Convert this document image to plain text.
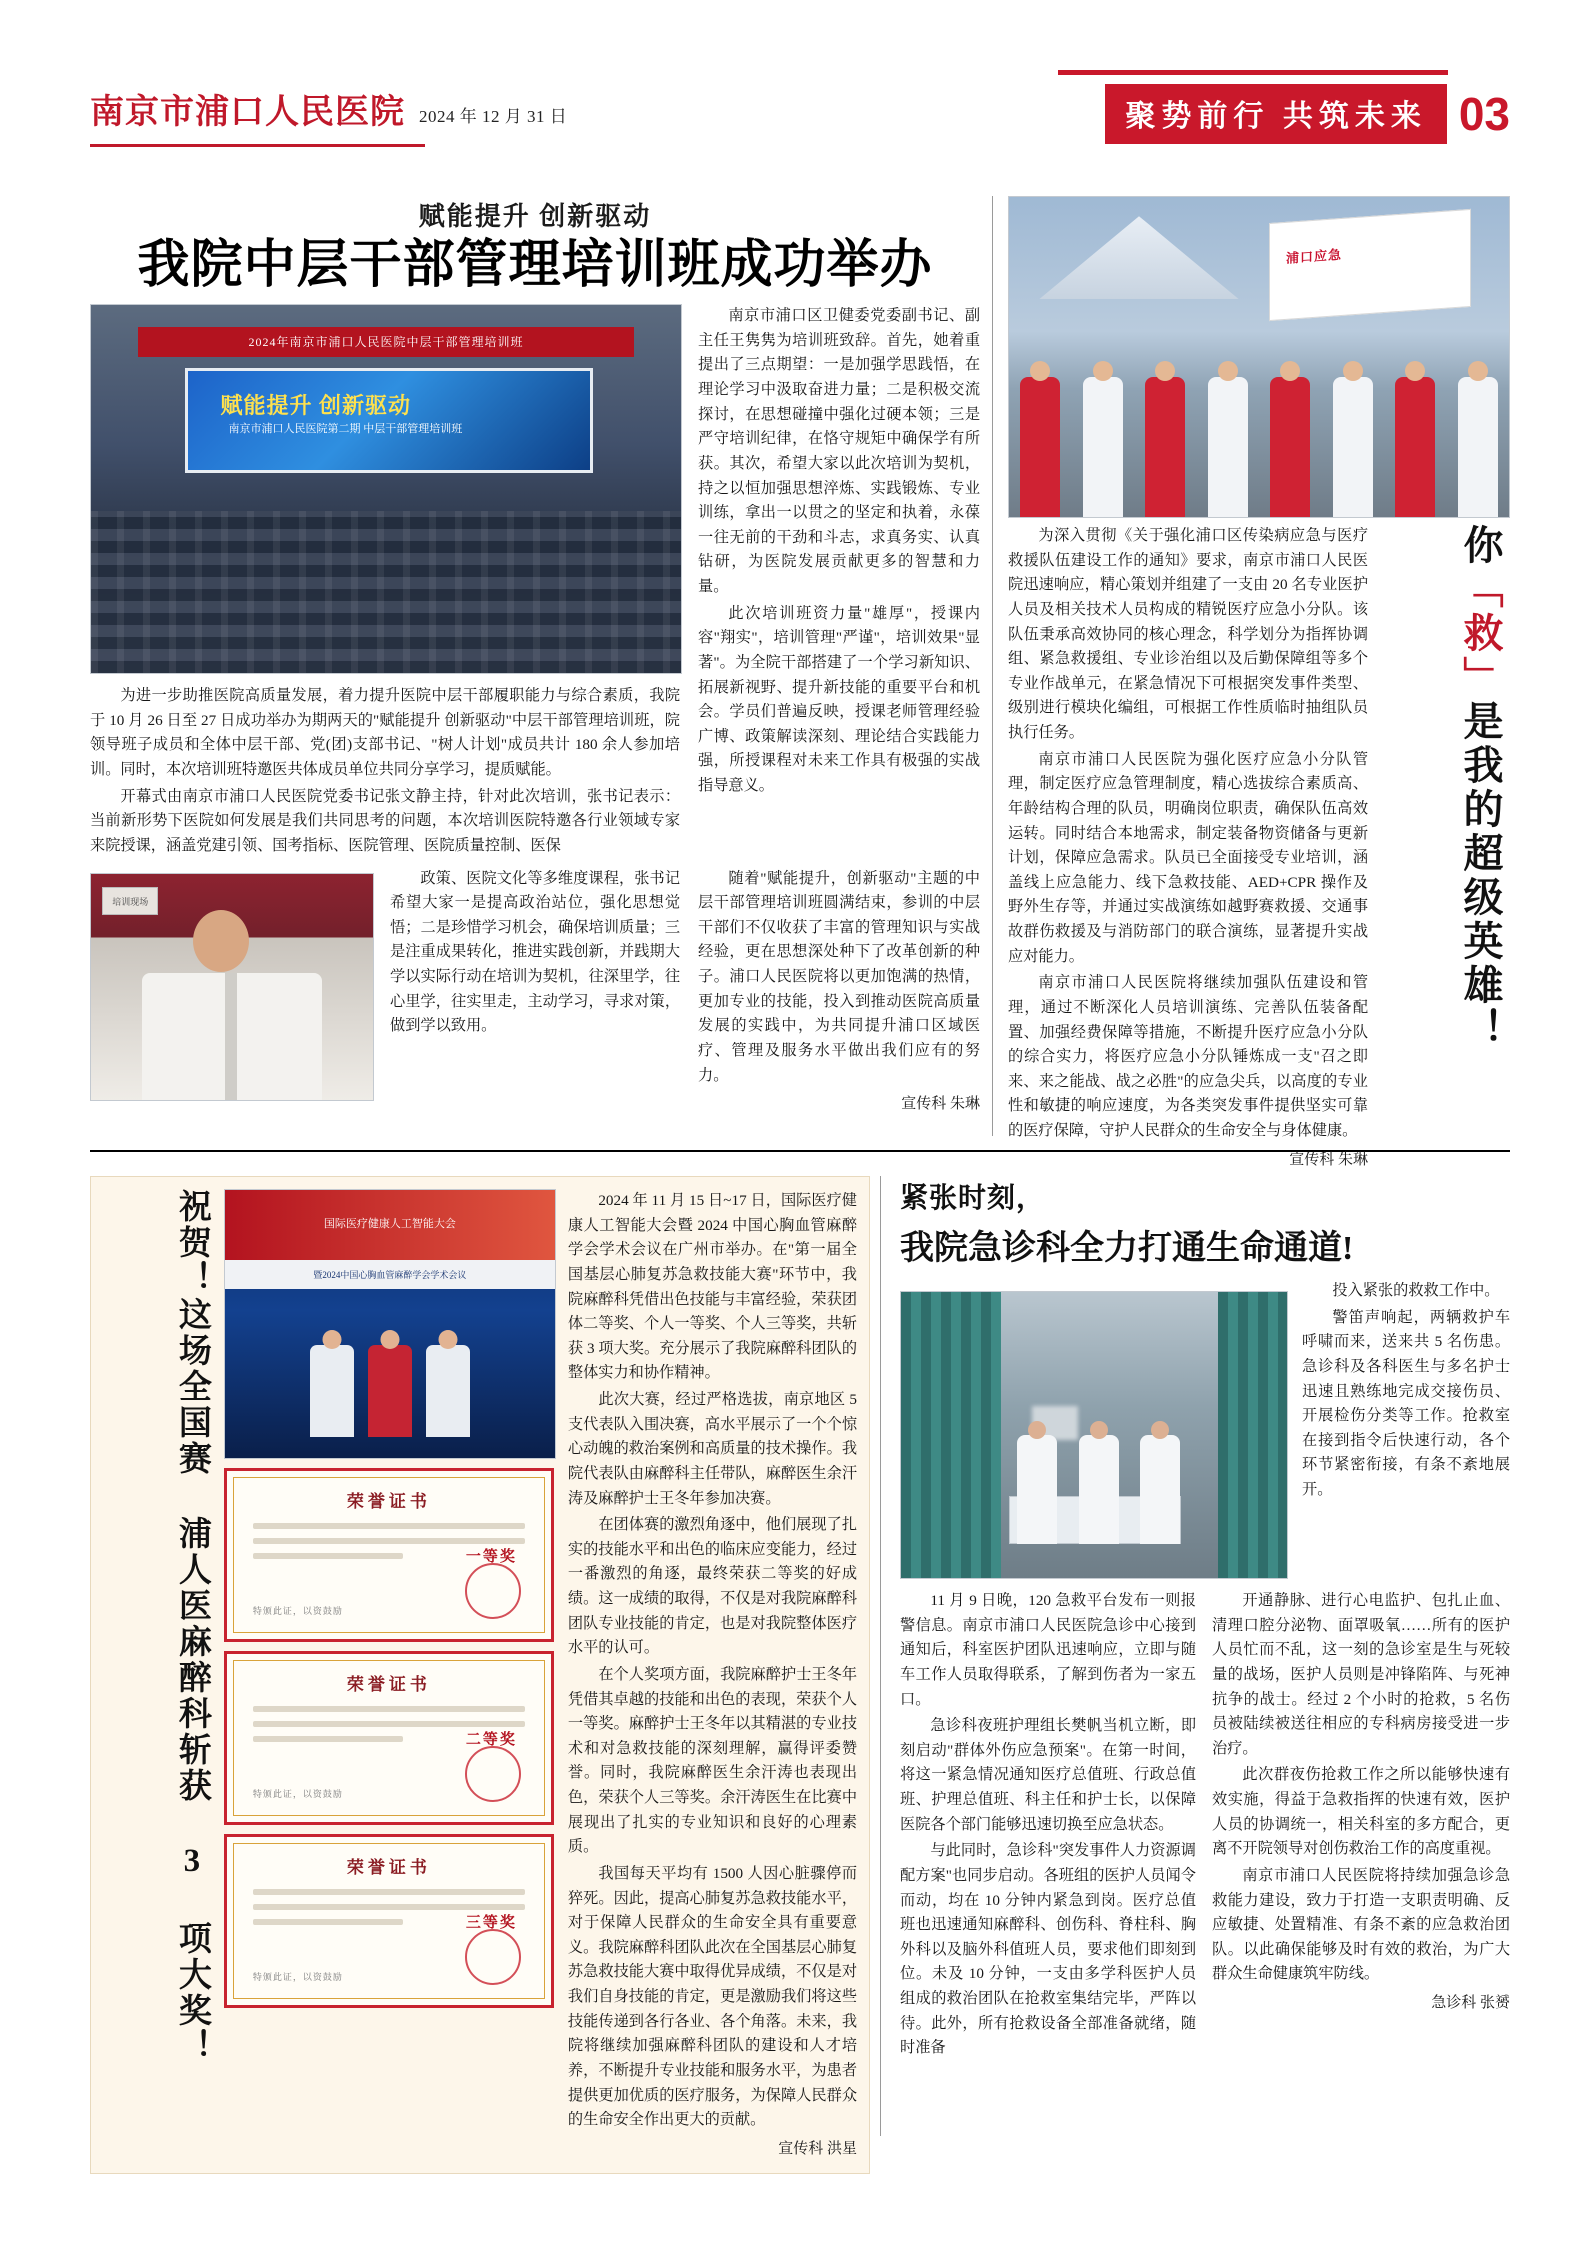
南京市浦口人民医院 2024 年 12 月 31 日	聚势前行 共筑未来 03
赋能提升 创新驱动
我院中层干部管理培训班成功举办
2024年南京市浦口人民医院中层干部管理培训班
赋能提升 创新驱动
南京市浦口人民医院第二期 中层干部管理培训班

为进一步助推医院高质量发展，着力提升医院中层干部履职能力与综合素质，我院于 10 月 26 日至 27 日成功举办为期两天的"赋能提升 创新驱动"中层干部管理培训班，院领导班子成员和全体中层干部、党(团)支部书记、"树人计划"成员共计 180 余人参加培训。同时，本次培训班特邀医共体成员单位共同分享学习，提质赋能。

开幕式由南京市浦口人民医院党委书记张文静主持，针对此次培训，张书记表示：当前新形势下医院如何发展是我们共同思考的问题，本次培训医院特邀各行业领域专家来院授课，涵盖党建引领、国考指标、医院管理、医院质量控制、医保

南京市浦口区卫健委党委副书记、副主任王隽隽为培训班致辞。首先，她着重提出了三点期望：一是加强学思践悟，在理论学习中汲取奋进力量；二是积极交流探讨，在思想碰撞中强化过硬本领；三是严守培训纪律，在恪守规矩中确保学有所获。其次，希望大家以此次培训为契机，持之以恒加强思想淬炼、实践锻炼、专业训练，拿出一以贯之的坚定和执着，永葆一往无前的干劲和斗志，求真务实、认真钻研，为医院发展贡献更多的智慧和力量。

此次培训班资力量"雄厚"，授课内容"翔实"，培训管理"严谨"，培训效果"显著"。为全院干部搭建了一个学习新知识、拓展新视野、提升新技能的重要平台和机会。学员们普遍反映，授课老师管理经验广博、政策解读深刻、理论结合实践能力强，所授课程对未来工作具有极强的实战指导意义。

培训现场

政策、医院文化等多维度课程，张书记希望大家一是提高政治站位，强化思想觉悟；二是珍惜学习机会，确保培训质量；三是注重成果转化，推进实践创新，并践期大学以实际行动在培训为契机，往深里学，往心里学，往实里走，主动学习，寻求对策，做到学以致用。

随着"赋能提升，创新驱动"主题的中层干部管理培训班圆满结束，参训的中层干部们不仅收获了丰富的管理知识与实战经验，更在思想深处种下了改革创新的种子。浦口人民医院将以更加饱满的热情，更加专业的技能，投入到推动医院高质量发展的实践中，为共同提升浦口区域医疗、管理及服务水平做出我们应有的努力。

宣传科 朱琳
浦口应急

为深入贯彻《关于强化浦口区传染病应急与医疗救援队伍建设工作的通知》要求，南京市浦口人民医院迅速响应，精心策划并组建了一支由 20 名专业医护人员及相关技术人员构成的精锐医疗应急小分队。该队伍秉承高效协同的核心理念，科学划分为指挥协调组、紧急救援组、专业诊治组以及后勤保障组等多个专业作战单元，在紧急情况下可根据突发事件类型、级别进行模块化编组，可根据工作性质临时抽组队员执行任务。

南京市浦口人民医院为强化医疗应急小分队管理，制定医疗应急管理制度，精心选拔综合素质高、年龄结构合理的队员，明确岗位职责，确保队伍高效运转。同时结合本地需求，制定装备物资储备与更新计划，保障应急需求。队员已全面接受专业培训，涵盖线上应急能力、线下急救技能、AED+CPR 操作及野外生存等，并通过实战演练如越野赛救援、交通事故群伤救援及与消防部门的联合演练，显著提升实战应对能力。

南京市浦口人民医院将继续加强队伍建设和管理，通过不断深化人员培训演练、完善队伍装备配置、加强经费保障等措施，不断提升医疗应急小分队的综合实力，将医疗应急小分队锤炼成一支"召之即来、来之能战、战之必胜"的应急尖兵，以高度的专业性和敏捷的响应速度，为各类突发事件提供坚实可靠的医疗保障，守护人民群众的生命安全与身体健康。

宣传科 朱琳
你「救」是我的超级英雄！
祝贺！这场全国赛 浦人医麻醉科斩获 3 项大奖！	国际医疗健康人工智能大会
暨2024中国心胸血管麻醉学会学术会议
荣誉证书
一等奖
特颁此证，以资鼓励
荣誉证书
二等奖
特颁此证，以资鼓励
荣誉证书
三等奖
特颁此证，以资鼓励

2024 年 11 月 15 日~17 日，国际医疗健康人工智能大会暨 2024 中国心胸血管麻醉学会学术会议在广州市举办。在"第一届全国基层心肺复苏急救技能大赛"环节中，我院麻醉科凭借出色技能与丰富经验，荣获团体二等奖、个人一等奖、个人三等奖，共斩获 3 项大奖。充分展示了我院麻醉科团队的整体实力和协作精神。

此次大赛，经过严格选拔，南京地区 5 支代表队入围决赛，高水平展示了一个个惊心动魄的救治案例和高质量的技术操作。我院代表队由麻醉科主任带队，麻醉医生余汗涛及麻醉护士王冬年参加决赛。

在团体赛的激烈角逐中，他们展现了扎实的技能水平和出色的临床应变能力，经过一番激烈的角逐，最终荣获二等奖的好成绩。这一成绩的取得，不仅是对我院麻醉科团队专业技能的肯定，也是对我院整体医疗水平的认可。

在个人奖项方面，我院麻醉护士王冬年凭借其卓越的技能和出色的表现，荣获个人一等奖。麻醉护士王冬年以其精湛的专业技术和对急救技能的深刻理解，赢得评委赞誉。同时，我院麻醉医生余汗涛也表现出色，荣获个人三等奖。余汗涛医生在比赛中展现出了扎实的专业知识和良好的心理素质。

我国每天平均有 1500 人因心脏骤停而猝死。因此，提高心肺复苏急救技能水平，对于保障人民群众的生命安全具有重要意义。我院麻醉科团队此次在全国基层心肺复苏急救技能大赛中取得优异成绩，不仅是对我们自身技能的肯定，更是激励我们将这些技能传递到各行各业、各个角落。未来，我院将继续加强麻醉科团队的建设和人才培养，不断提升专业技能和服务水平，为患者提供更加优质的医疗服务，为保障人民群众的生命安全作出更大的贡献。

宣传科 洪星
紧张时刻，
我院急诊科全力打通生命通道!

投入紧张的救救工作中。

警笛声响起，两辆救护车呼啸而来，送来共 5 名伤患。急诊科及各科医生与多名护士迅速且熟练地完成交接伤员、开展检伤分类等工作。抢救室在接到指令后快速行动，各个环节紧密衔接，有条不紊地展开。

11 月 9 日晚，120 急救平台发布一则报警信息。南京市浦口人民医院急诊中心接到通知后，科室医护团队迅速响应，立即与随车工作人员取得联系，了解到伤者为一家五口。

急诊科夜班护理组长樊帆当机立断，即刻启动"群体外伤应急预案"。在第一时间，将这一紧急情况通知医疗总值班、行政总值班、护理总值班、科主任和护士长，以保障医院各个部门能够迅速切换至应急状态。

与此同时，急诊科"突发事件人力资源调配方案"也同步启动。各班组的医护人员闻令而动，均在 10 分钟内紧急到岗。医疗总值班也迅速通知麻醉科、创伤科、脊柱科、胸外科以及脑外科值班人员，要求他们即刻到位。未及 10 分钟，一支由多学科医护人员组成的救治团队在抢救室集结完毕，严阵以待。此外，所有抢救设备全部准备就绪，随时准备

开通静脉、进行心电监护、包扎止血、清理口腔分泌物、面罩吸氧……所有的医护人员忙而不乱，这一刻的急诊室是生与死较量的战场，医护人员则是冲锋陷阵、与死神抗争的战士。经过 2 个小时的抢救，5 名伤员被陆续被送往相应的专科病房接受进一步治疗。

此次群夜伤抢救工作之所以能够快速有效实施，得益于急救指挥的快速有效，医护人员的协调统一，相关科室的多方配合，更离不开院领导对创伤救治工作的高度重视。

南京市浦口人民医院将持续加强急诊急救能力建设，致力于打造一支职责明确、反应敏捷、处置精准、有条不紊的应急救治团队。以此确保能够及时有效的救治，为广大群众生命健康筑牢防线。

急诊科 张赟
